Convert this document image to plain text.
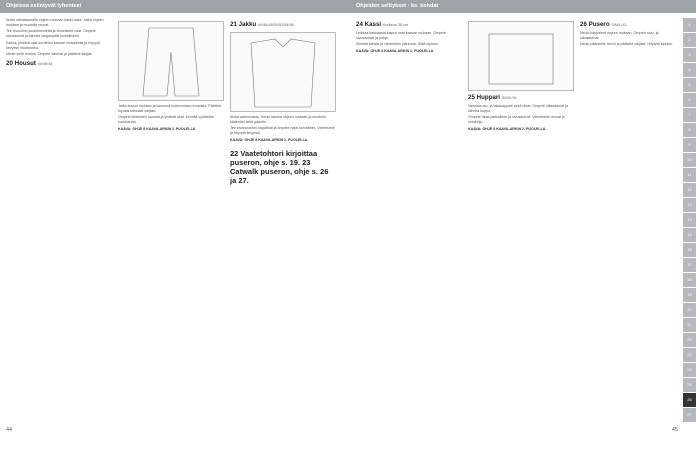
Ohjeissa esiintyvät lyhenteet	Ohjeiden selitykset · ks. kohdat

Aloita valmistamalla ohjeen mukaan kaksi osaa. Jatka ohjeen mukaan ja muotoile reunat.

Tee reunoihin joustinneuletta ja viimeistele osat. Ompele sivusaumat ja kiinnitä langanpäät huolellisesti.

Kaava: yhdistä osat sovitetun kaavan mukaisesti ja höyrytä kevyesti muotoonsa.

Neulo vielä reunus. Ompele saumat ja päättele langat.

20 Housut 44/46/48

Jatka kuvion mukaan ja kavenna molemmista reunoista. Päättele lopuksi silmukat väljästi.

Ompele lahkeiden saumat ja yhdistä osat. Kiinnitä vyötärölle kuminauha.

KAAVA: OHJE 8 KAAVA-ARKIN 1. PUOLELLA
21 Jakku 44/46/48/50/52/54/56

Aloita alareunasta. Neulo tasona ohjeen mukaan ja muotoile kädentiet sekä pääntie.

Tee etureunoihin nappilista ja ompele napit kohdilleen. Viimeistele ja höyrytä kevyesti.

KAAVA: OHJE 8 KAAVA-ARKIN 1. PUOLELLA
22 Vaatetohtori kirjoittaa puseron, ohje s. 19. 23 Catwalk puseron, ohje s. 26 ja 27.
44
24 Kassi Korkeus 38 cm

Leikkaa kankaasta kassin osat kaavan mukaan. Ompele sivusaumat ja pohja.

Kiinnitä kahvat ja viimeistele yläreuna. Silitä lopuksi.

KAAVA: OHJE 8 KAAVA-ARKIN 1. PUOLELLA
25 Huppari S/M/L/XL

Valmista etu- ja takakappale sekä hihat. Ompele olkasaumat ja kiinnitä huppu.

Ompele hihat paikoilleen ja sivusaumat. Viimeistele reunat ja vetoketju.

KAAVA: OHJE 8 KAAVA-ARKIN 2. PUOLELLA
26 Pusero S/M/L/XL

Neulo kappaleet ohjeen mukaan. Ompele sivu- ja olkasaumat.

Neulo pääntielle resori ja päättele väljästi. Höyrytä lopuksi.

45
1
2
3
4
5
6
7
8
9
10
11
12
13
14
15
16
17
18
19
20
21
22
23
24
25
26
27
